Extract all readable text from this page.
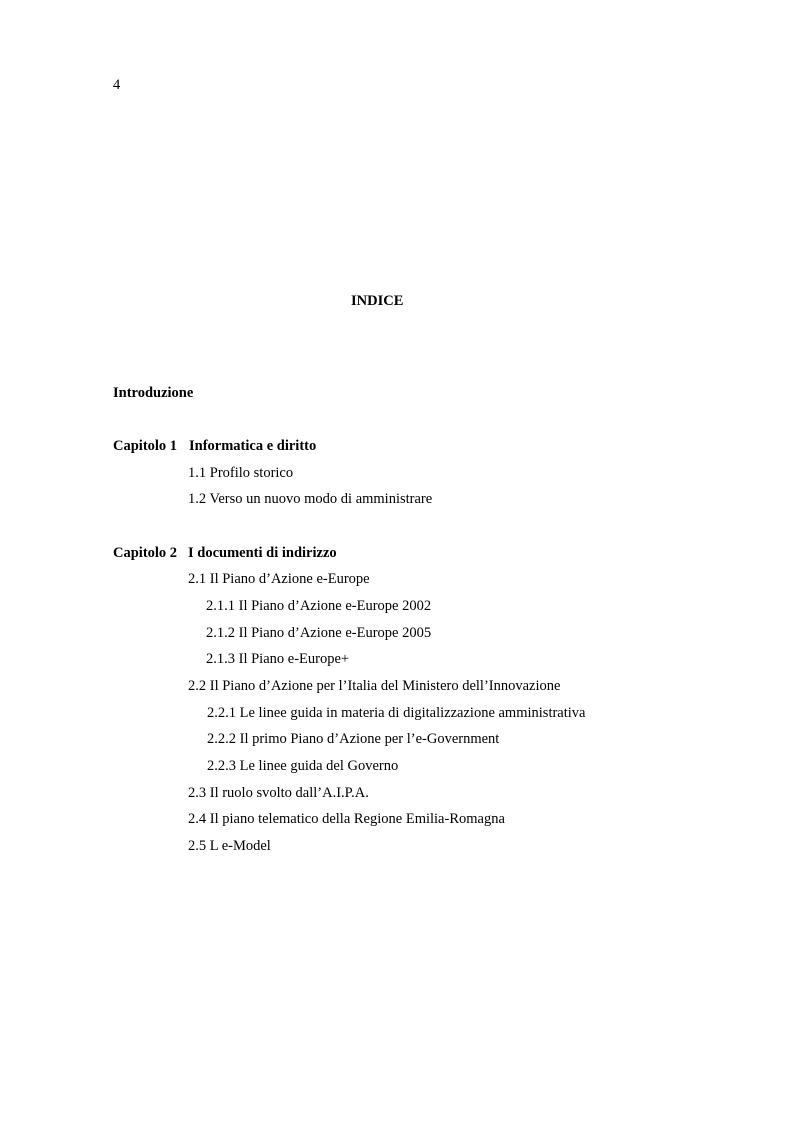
4
INDICE
Introduzione
Capitolo 1 Informatica e diritto
1.1 Profilo storico
1.2 Verso un nuovo modo di amministrare
Capitolo 2 I documenti di indirizzo
2.1 Il Piano d’Azione e-Europe
2.1.1 Il Piano d’Azione e-Europe 2002
2.1.2 Il Piano d’Azione e-Europe 2005
2.1.3 Il Piano e-Europe+
2.2 Il Piano d’Azione per l’Italia del Ministero dell’Innovazione
2.2.1 Le linee guida in materia di digitalizzazione amministrativa
2.2.2 Il primo Piano d’Azione per l’e-Government
2.2.3 Le linee guida del Governo
2.3 Il ruolo svolto dall’A.I.P.A.
2.4 Il piano telematico della Regione Emilia-Romagna
2.5 L e-Model
